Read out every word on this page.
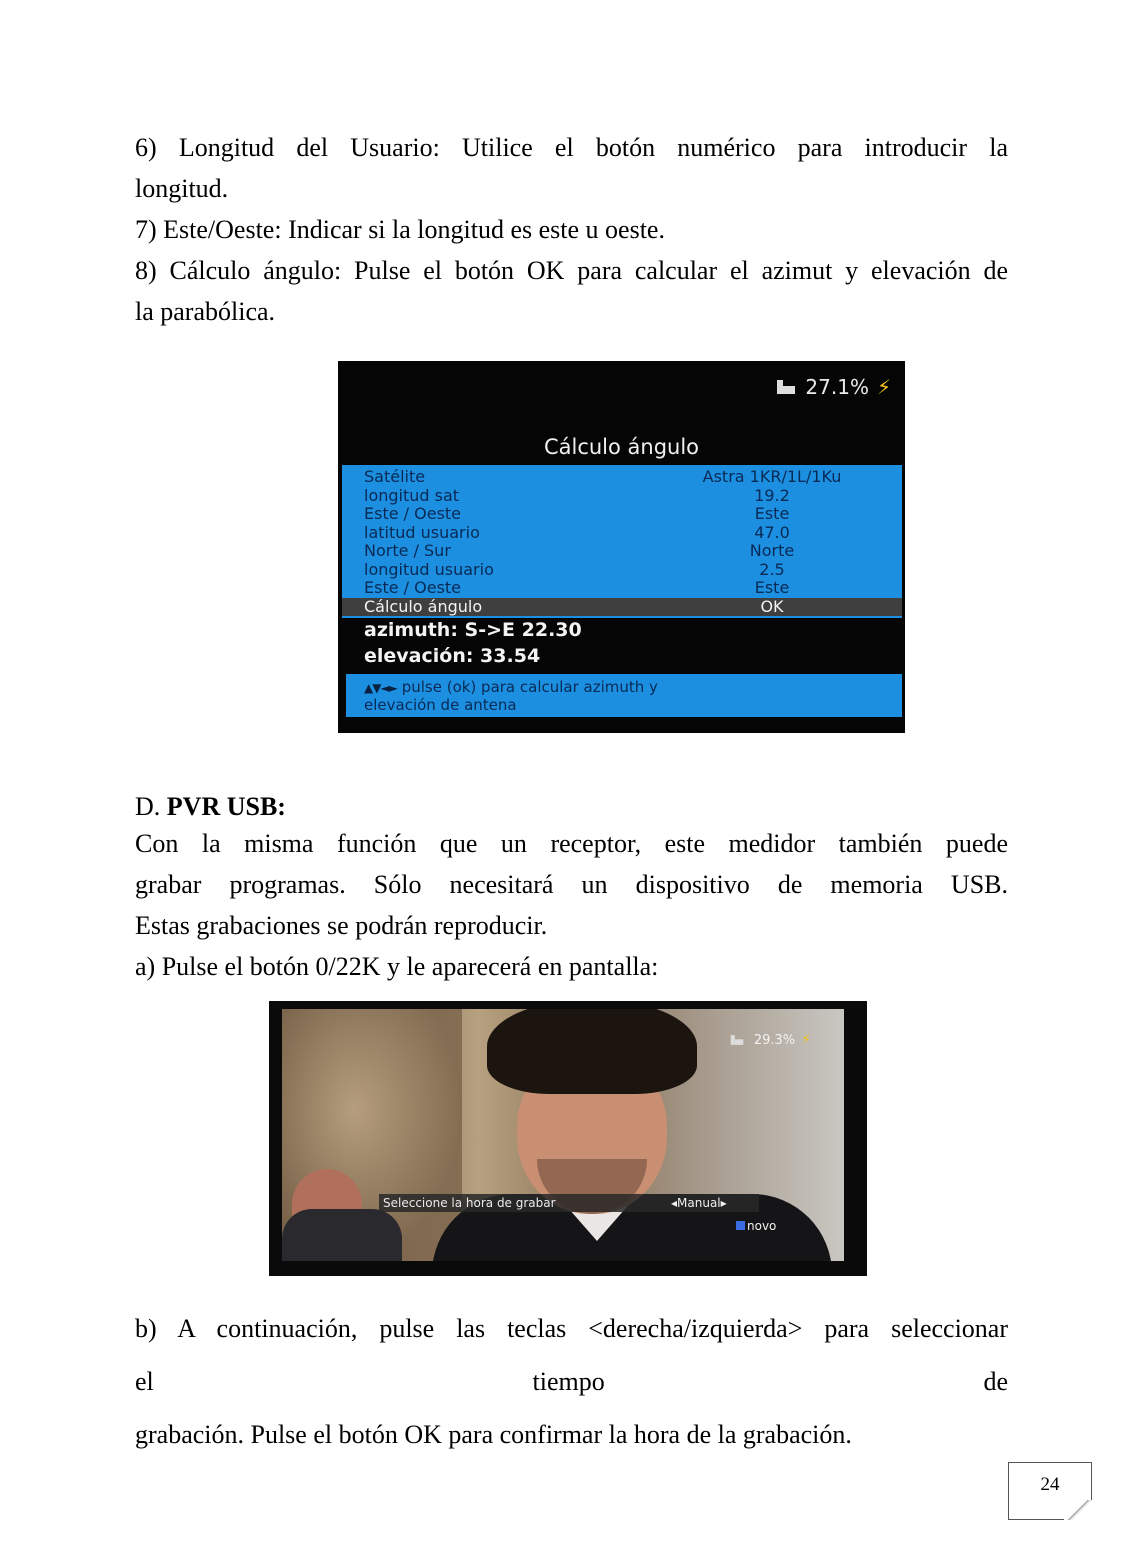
6) Longitud del Usuario: Utilice el botón numérico para introducir la
longitud.
7) Este/Oeste: Indicar si la longitud es este u oeste.
8) Cálculo ángulo: Pulse el botón OK para calcular el azimut y elevación de
la parabólica.
27.1% ⚡
Cálculo ángulo
Satélite	Astra 1KR/1L/1Ku
longitud sat	19.2
Este / Oeste	Este
latitud usuario	47.0
Norte / Sur	Norte
longitud usuario	2.5
Este / Oeste	Este
Cálculo ángulo	OK
azimuth: S->E 22.30
elevación: 33.54
▲▼◄► pulse (ok) para calcular azimuth y
elevación de antena
D. PVR USB:
Con la misma función que un receptor, este medidor también puede
grabar programas. Sólo necesitará un dispositivo de memoria USB.
Estas grabaciones se podrán reproducir.
a) Pulse el botón 0/22K y le aparecerá en pantalla:
29.3% ⚡
Seleccione la hora de grabar	◂Manual▸
novo
b) A continuación, pulse las teclas <derecha/izquierda> para seleccionar
el tiempo de
grabación. Pulse el botón OK para confirmar la hora de la grabación.
24
